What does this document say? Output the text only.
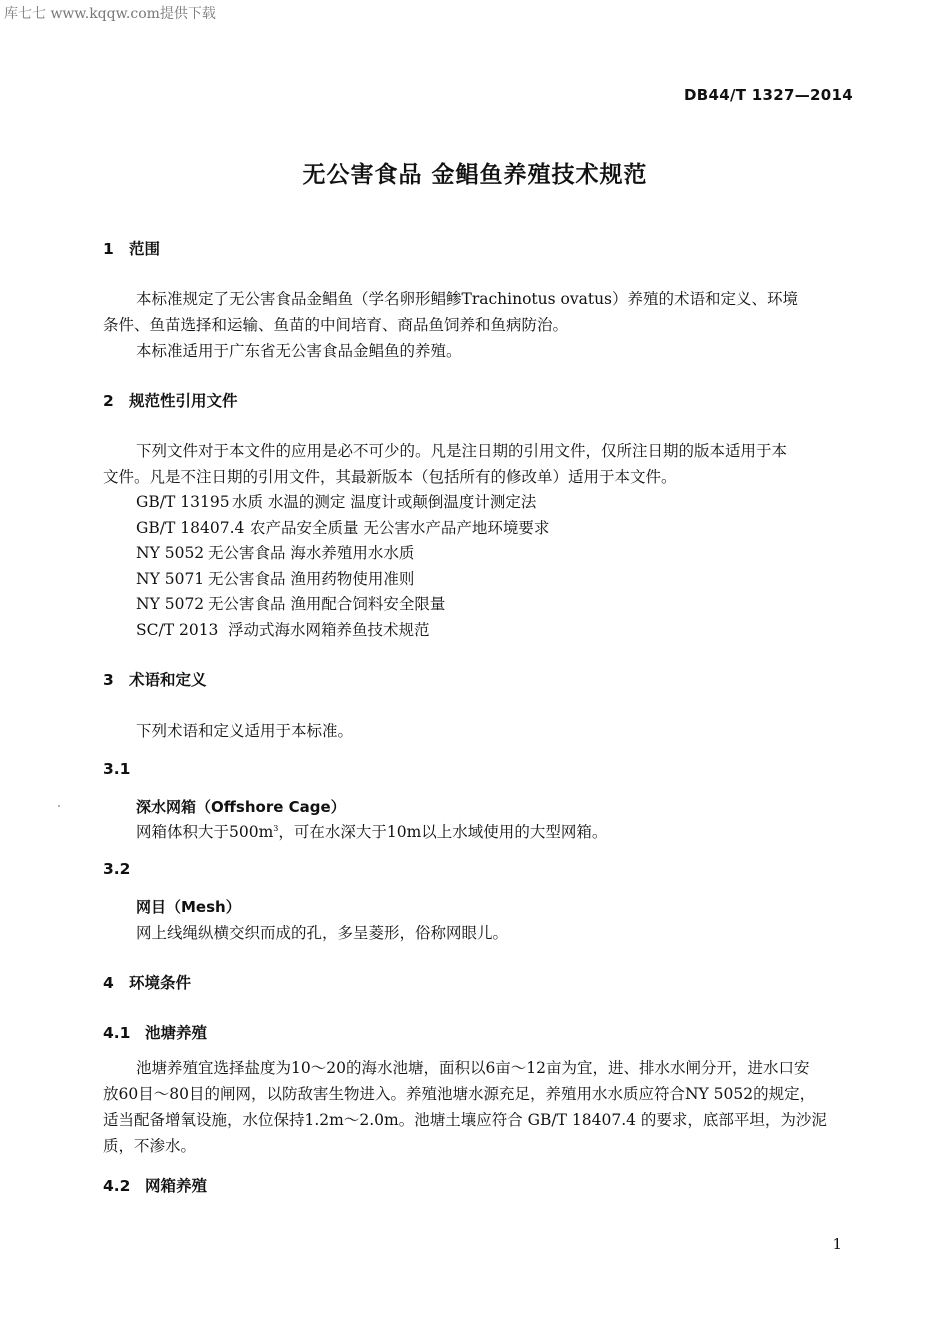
库七七 www.kqqw.com提供下载
DB44/T 1327—2014
无公害食品 金鲳鱼养殖技术规范
1 范围
本标准规定了无公害食品金鲳鱼（学名卵形鲳鲹Trachinotus ovatus）养殖的术语和定义、环境
条件、鱼苗选择和运输、鱼苗的中间培育、商品鱼饲养和鱼病防治。
本标准适用于广东省无公害食品金鲳鱼的养殖。
2 规范性引用文件
下列文件对于本文件的应用是必不可少的。凡是注日期的引用文件，仅所注日期的版本适用于本
文件。凡是不注日期的引用文件，其最新版本（包括所有的修改单）适用于本文件。
GB/T 13195 水质 水温的测定 温度计或颠倒温度计测定法
GB/T 18407.4 农产品安全质量 无公害水产品产地环境要求
NY 5052 无公害食品 海水养殖用水水质
NY 5071 无公害食品 渔用药物使用准则
NY 5072 无公害食品 渔用配合饲料安全限量
SC/T 2013 浮动式海水网箱养鱼技术规范
3 术语和定义
下列术语和定义适用于本标准。
3.1
深水网箱（Offshore Cage）
网箱体积大于$500m^3$，可在水深大于10m以上水域使用的大型网箱。
3.2
网目（Mesh）
网上线绳纵横交织而成的孔，多呈菱形，俗称网眼儿。
4 环境条件
4.1 池塘养殖
池塘养殖宜选择盐度为10～20的海水池塘，面积以6亩～12亩为宜，进、排水水闸分开，进水口安
放60目～80目的闸网，以防敌害生物进入。养殖池塘水源充足，养殖用水水质应符合NY 5052的规定，
适当配备增氧设施，水位保持1.2m～2.0m。池塘土壤应符合 GB/T 18407.4 的要求，底部平坦，为沙泥
质，不渗水。
4.2 网箱养殖
1
